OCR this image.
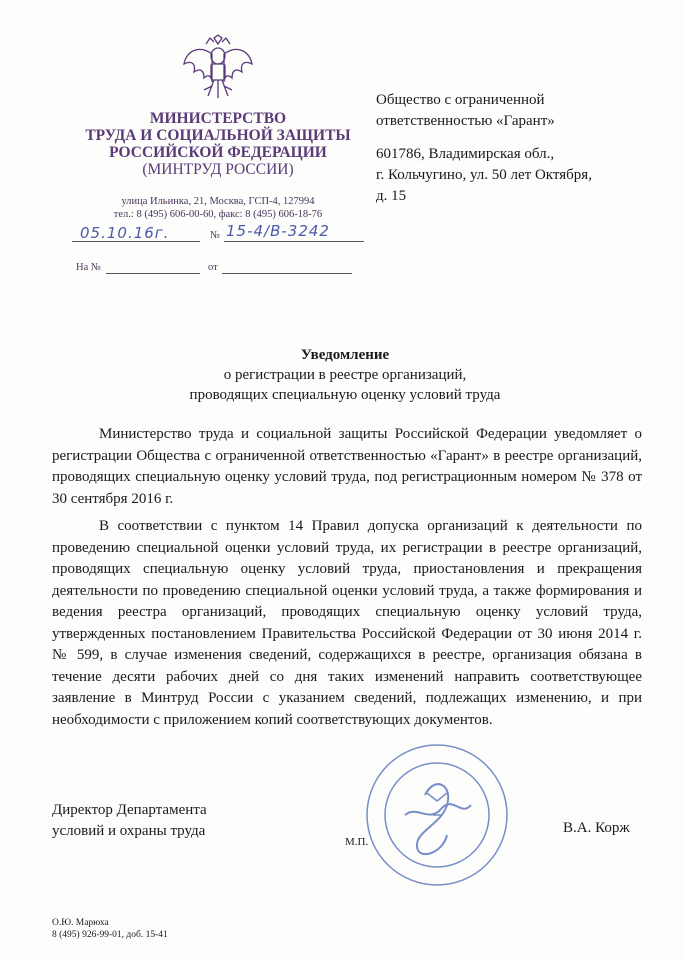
МИНИСТЕРСТВО
ТРУДА И СОЦИАЛЬНОЙ ЗАЩИТЫ
РОССИЙСКОЙ ФЕДЕРАЦИИ
(МИНТРУД РОССИИ)
улица Ильинка, 21, Москва, ГСП-4, 127994
тел.: 8 (495) 606-00-60, факс: 8 (495) 606-18-76
05.10.16г.	№ 15-4/В-3242
На №	от

Общество с ограниченной
ответственностью «Гарант»

601786, Владимирская обл.,
г. Кольчугино, ул. 50 лет Октября,
д. 15

Уведомление
о регистрации в реестре организаций,
проводящих специальную оценку условий труда

Министерство труда и социальной защиты Российской Федерации уведомляет о регистрации Общества с ограниченной ответственностью «Гарант» в реестре организаций, проводящих специальную оценку условий труда, под регистрационным номером № 378 от 30 сентября 2016 г.

В соответствии с пунктом 14 Правил допуска организаций к деятельности по проведению специальной оценки условий труда, их регистрации в реестре организаций, проводящих специальную оценку условий труда, приостановления и прекращения деятельности по проведению специальной оценки условий труда, а также формирования и ведения реестра организаций, проводящих специальную оценку условий труда, утвержденных постановлением Правительства Российской Федерации от 30 июня 2014 г. № 599, в случае изменения сведений, содержащихся в реестре, организация обязана в течение десяти рабочих дней со дня таких изменений направить соответствующее заявление в Минтруд России с указанием сведений, подлежащих изменению, и при необходимости с приложением копий соответствующих документов.

Директор Департамента
условий и охраны труда
М.П.
В.А. Корж
О.Ю. Марюха
8 (495) 926-99-01, доб. 15-41
